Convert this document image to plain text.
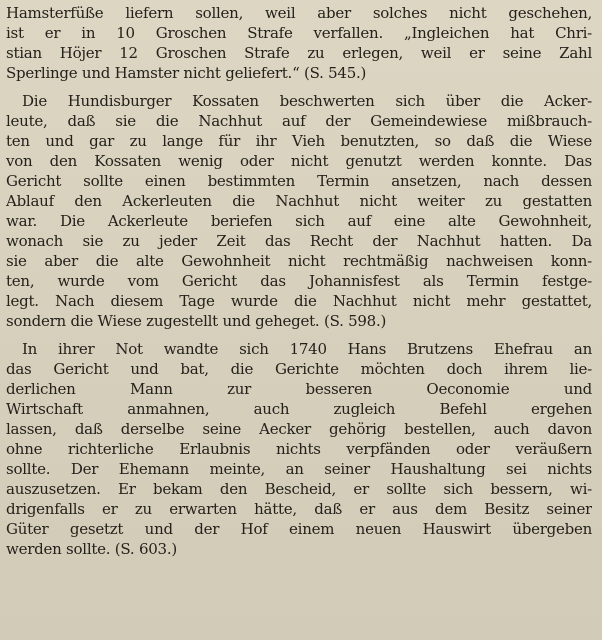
Hamsterfüße liefern sollen, weil aber solches nicht geschehen,
ist er in 10 Groschen Strafe verfallen. „Ingleichen hat Chri-
stian Höjer 12 Groschen Strafe zu erlegen, weil er seine Zahl
Sperlinge und Hamster nicht geliefert.“ (S. 545.)
Die Hundisburger Kossaten beschwerten sich über die Acker-
leute, daß sie die Nachhut auf der Gemeindewiese mißbrauch-
ten und gar zu lange für ihr Vieh benutzten, so daß die Wiese
von den Kossaten wenig oder nicht genutzt werden konnte. Das
Gericht sollte einen bestimmten Termin ansetzen, nach dessen
Ablauf den Ackerleuten die Nachhut nicht weiter zu gestatten
war. Die Ackerleute beriefen sich auf eine alte Gewohnheit,
wonach sie zu jeder Zeit das Recht der Nachhut hatten. Da
sie aber die alte Gewohnheit nicht rechtmäßig nachweisen konn-
ten, wurde vom Gericht das Johannisfest als Termin festge-
legt. Nach diesem Tage wurde die Nachhut nicht mehr gestattet,
sondern die Wiese zugestellt und geheget. (S. 598.)
In ihrer Not wandte sich 1740 Hans Brutzens Ehefrau an
das Gericht und bat, die Gerichte möchten doch ihrem lie-
derlichen Mann zur besseren Oeconomie und
Wirtschaft anmahnen, auch zugleich Befehl ergehen
lassen, daß derselbe seine Aecker gehörig bestellen, auch davon
ohne richterliche Erlaubnis nichts verpfänden oder veräußern
sollte. Der Ehemann meinte, an seiner Haushaltung sei nichts
auszusetzen. Er bekam den Bescheid, er sollte sich bessern, wi-
drigenfalls er zu erwarten hätte, daß er aus dem Besitz seiner
Güter gesetzt und der Hof einem neuen Hauswirt übergeben
werden sollte. (S. 603.)
